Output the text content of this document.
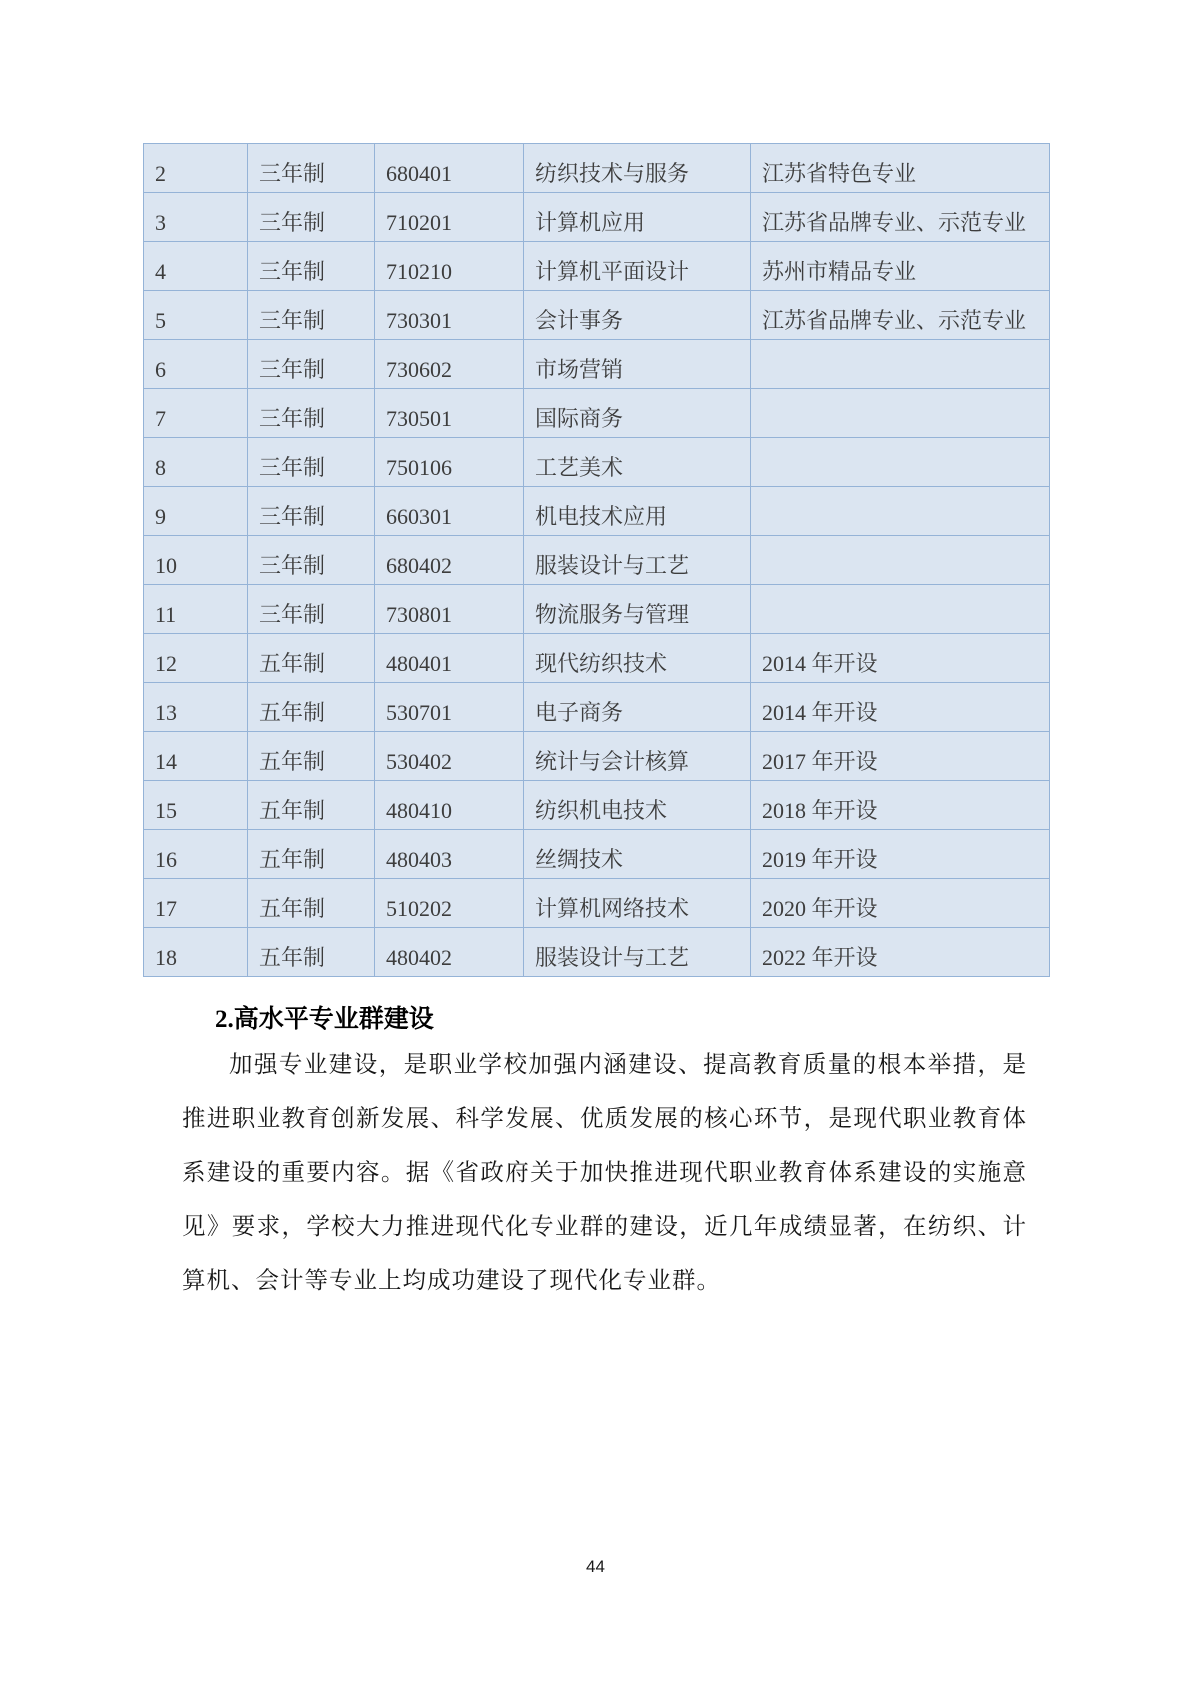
2	三年制	680401	纺织技术与服务	江苏省特色专业
3	三年制	710201	计算机应用	江苏省品牌专业、示范专业
4	三年制	710210	计算机平面设计	苏州市精品专业
5	三年制	730301	会计事务	江苏省品牌专业、示范专业
6	三年制	730602	市场营销	
7	三年制	730501	国际商务	
8	三年制	750106	工艺美术	
9	三年制	660301	机电技术应用	
10	三年制	680402	服装设计与工艺	
11	三年制	730801	物流服务与管理	
12	五年制	480401	现代纺织技术	2014 年开设
13	五年制	530701	电子商务	2014 年开设
14	五年制	530402	统计与会计核算	2017 年开设
15	五年制	480410	纺织机电技术	2018 年开设
16	五年制	480403	丝绸技术	2019 年开设
17	五年制	510202	计算机网络技术	2020 年开设
18	五年制	480402	服装设计与工艺	2022 年开设
2.高水平专业群建设

加强专业建设，是职业学校加强内涵建设、提高教育质量的根本举措，是推进职业教育创新发展、科学发展、优质发展的核心环节，是现代职业教育体系建设的重要内容。据《省政府关于加快推进现代职业教育体系建设的实施意见》要求，学校大力推进现代化专业群的建设，近几年成绩显著，在纺织、计算机、会计等专业上均成功建设了现代化专业群。

44
